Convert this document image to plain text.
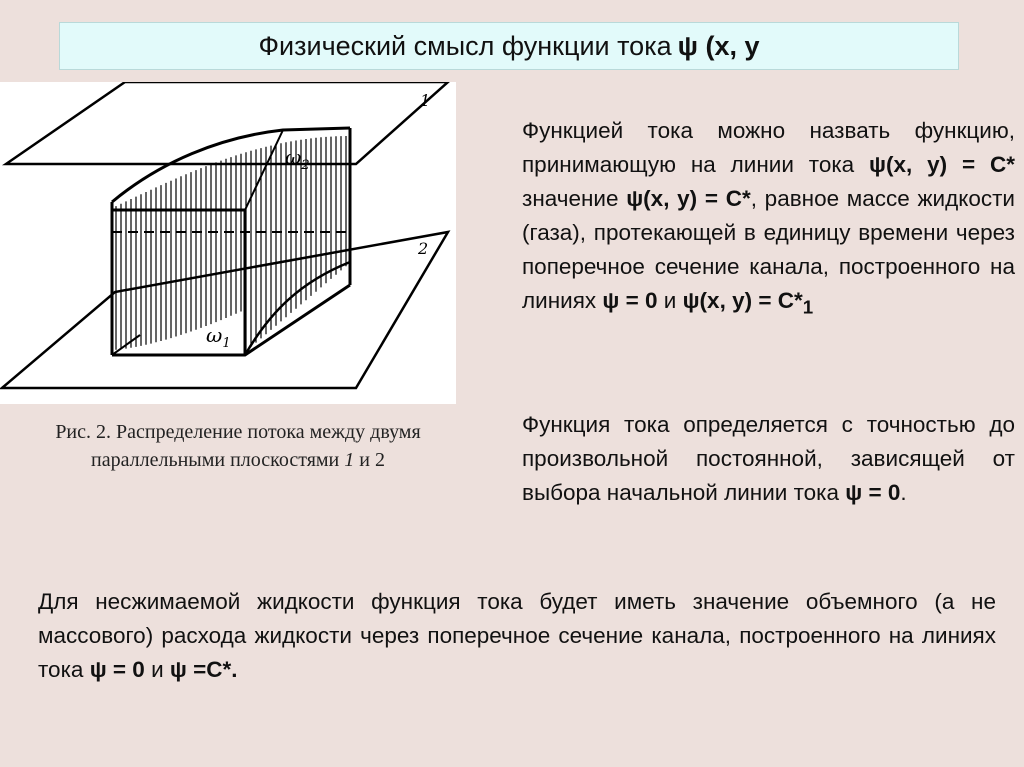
Физический смысл функции тока ψ (x, y
1
2
$\omega_2$
$\omega_1$
Рис. 2. Распределение потока между двумя параллельными плоскостями 1 и 2
Функцией тока можно назвать функцию, принимающую на линии тока ψ(x, y) = C* значение ψ(x, y) = C*, равное массе жидкости (газа), протекающей в единицу времени через поперечное сечение канала, построенного на линиях ψ = 0 и ψ(x, $y) = C*_1$
Функция тока определяется с точностью до произвольной постоянной, зависящей от выбора начальной линии тока ψ = 0.
Для несжимаемой жидкости функция тока будет иметь значение объемного (а не массового) расхода жидкости через поперечное сечение канала, построенного на линиях тока ψ = 0 и ψ =C*.
